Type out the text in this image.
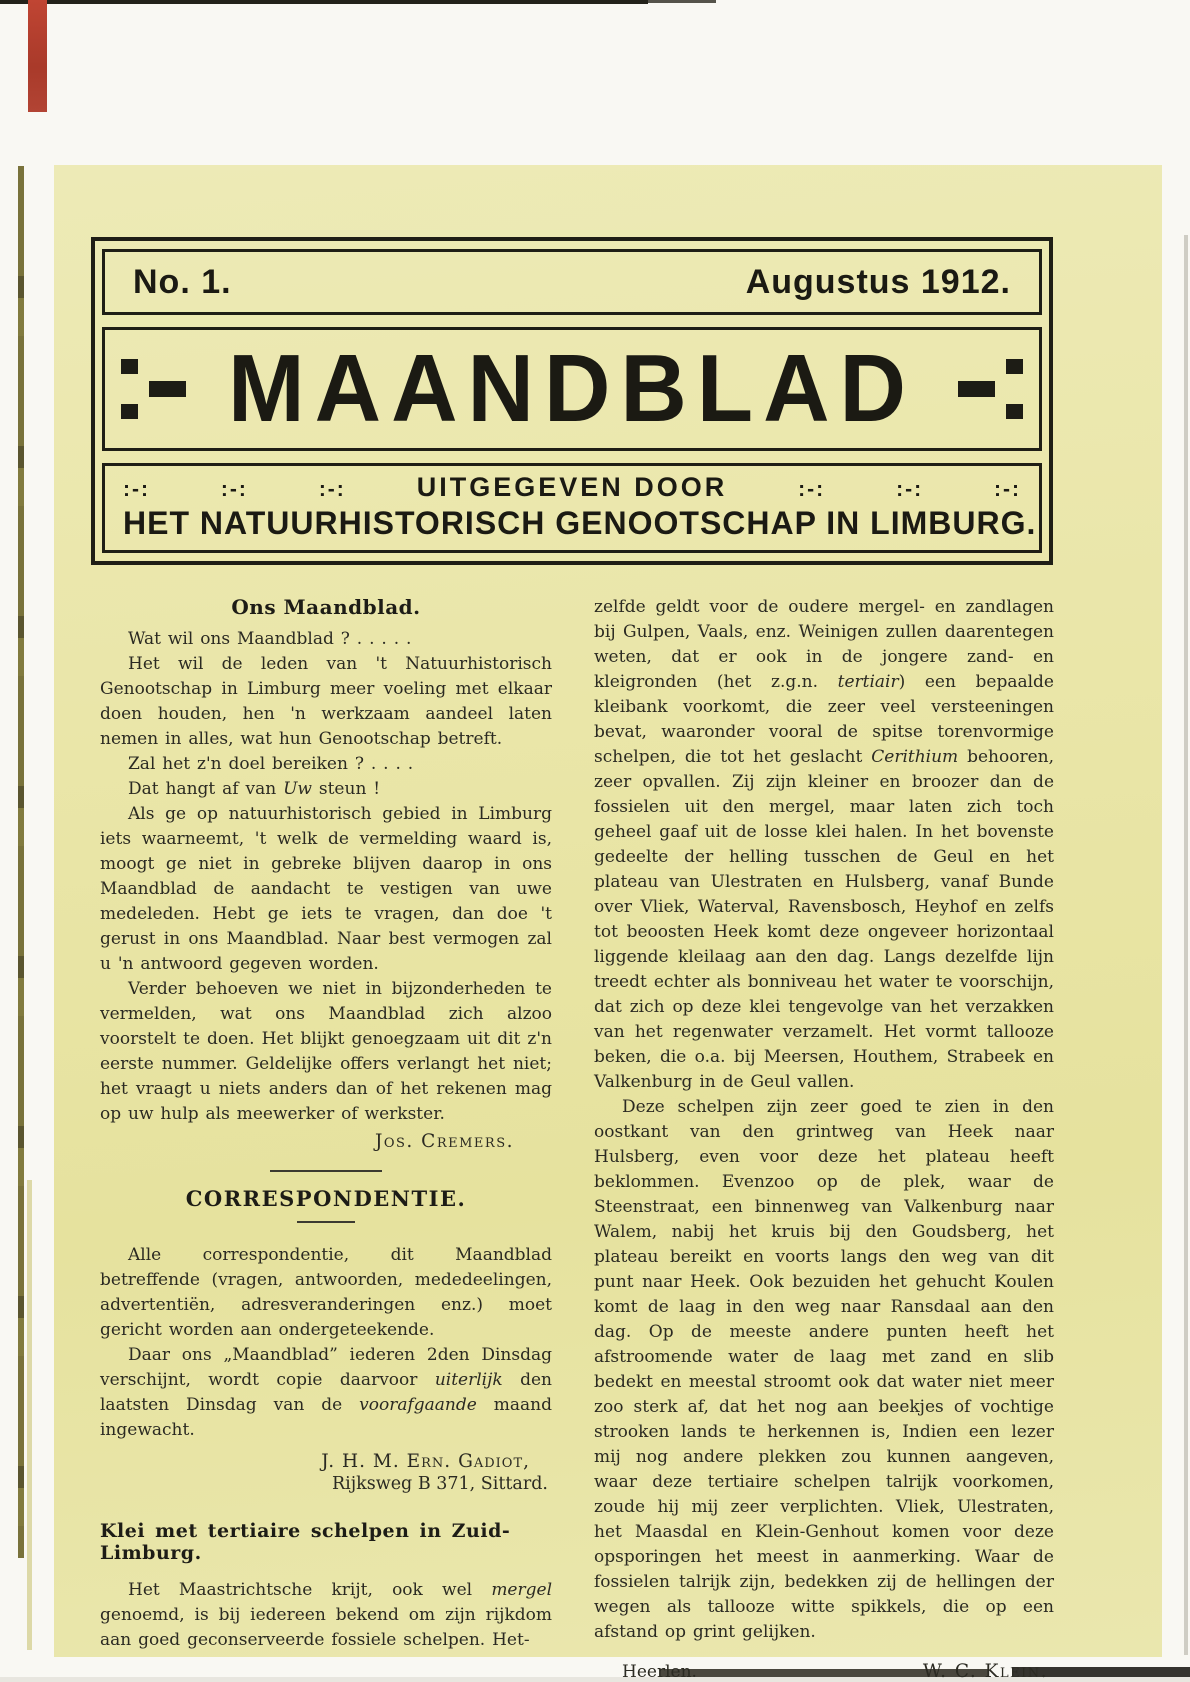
No. 1.	Augustus 1912.
MAANDBLAD
:-:	:-:	:-:	UITGEGEVEN DOOR	:-:	:-:	:-:
HET NATUURHISTORISCH GENOOTSCHAP IN LIMBURG.
Ons Maandblad.

Wat wil ons Maandblad ? . . . . .

Het wil de leden van 't Natuurhistorisch Genootschap in Limburg meer voeling met elkaar doen houden, hen 'n werkzaam aandeel laten nemen in alles, wat hun Genootschap betreft.

Zal het z'n doel bereiken ? . . . .

Dat hangt af van Uw steun !

Als ge op natuurhistorisch gebied in Limburg iets waarneemt, 't welk de vermelding waard is, moogt ge niet in gebreke blijven daarop in ons Maandblad de aandacht te vestigen van uwe medeleden. Hebt ge iets te vragen, dan doe 't gerust in ons Maandblad. Naar best vermogen zal u 'n antwoord gegeven worden.

Verder behoeven we niet in bijzonderheden te vermelden, wat ons Maandblad zich alzoo voorstelt te doen. Het blijkt genoegzaam uit dit z'n eerste nummer. Geldelijke offers verlangt het niet; het vraagt u niets anders dan of het rekenen mag op uw hulp als meewerker of werkster.

Jos. Cremers.
CORRESPONDENTIE.

Alle correspondentie, dit Maandblad betreffende (vragen, antwoorden, mededeelingen, advertentiën, adresveranderingen enz.) moet gericht worden aan ondergeteekende.

Daar ons „Maandblad” iederen 2den Dinsdag verschijnt, wordt copie daarvoor uiterlijk den laatsten Dinsdag van de voorafgaande maand ingewacht.

J. H. M. Ern. Gadiot,
Rijksweg B 371, Sittard.
Klei met tertiaire schelpen in Zuid-Limburg.

Het Maastrichtsche krijt, ook wel mergel genoemd, is bij iedereen bekend om zijn rijkdom aan goed geconserveerde fossiele schelpen. Het-

zelfde geldt voor de oudere mergel- en zandlagen bij Gulpen, Vaals, enz. Weinigen zullen daarentegen weten, dat er ook in de jongere zand- en kleigronden (het z.g.n. tertiair) een bepaalde kleibank voorkomt, die zeer veel versteeningen bevat, waaronder vooral de spitse torenvormige schelpen, die tot het geslacht Cerithium behooren, zeer opvallen. Zij zijn kleiner en broozer dan de fossielen uit den mergel, maar laten zich toch geheel gaaf uit de losse klei halen. In het bovenste gedeelte der helling tusschen de Geul en het plateau van Ulestraten en Hulsberg, vanaf Bunde over Vliek, Waterval, Ravensbosch, Heyhof en zelfs tot beoosten Heek komt deze ongeveer horizontaal liggende kleilaag aan den dag. Langs dezelfde lijn treedt echter als bonniveau het water te voorschijn, dat zich op deze klei tengevolge van het verzakken van het regenwater verzamelt. Het vormt tallooze beken, die o.a. bij Meersen, Houthem, Strabeek en Valkenburg in de Geul vallen.

Deze schelpen zijn zeer goed te zien in den oostkant van den grintweg van Heek naar Hulsberg, even voor deze het plateau heeft beklommen. Evenzoo op de plek, waar de Steenstraat, een binnenweg van Valkenburg naar Walem, nabij het kruis bij den Goudsberg, het plateau bereikt en voorts langs den weg van dit punt naar Heek. Ook bezuiden het gehucht Koulen komt de laag in den weg naar Ransdaal aan den dag. Op de meeste andere punten heeft het afstroomende water de laag met zand en slib bedekt en meestal stroomt ook dat water niet meer zoo sterk af, dat het nog aan beekjes of vochtige strooken lands te herkennen is, Indien een lezer mij nog andere plekken zou kunnen aangeven, waar deze tertiaire schelpen talrijk voorkomen, zoude hij mij zeer verplichten. Vliek, Ulestraten, het Maasdal en Klein-Genhout komen voor deze opsporingen het meest in aanmerking. Waar de fossielen talrijk zijn, bedekken zij de hellingen der wegen als tallooze witte spikkels, die op een afstand op grint gelijken.

Heerlen.	W. C. Klein.
